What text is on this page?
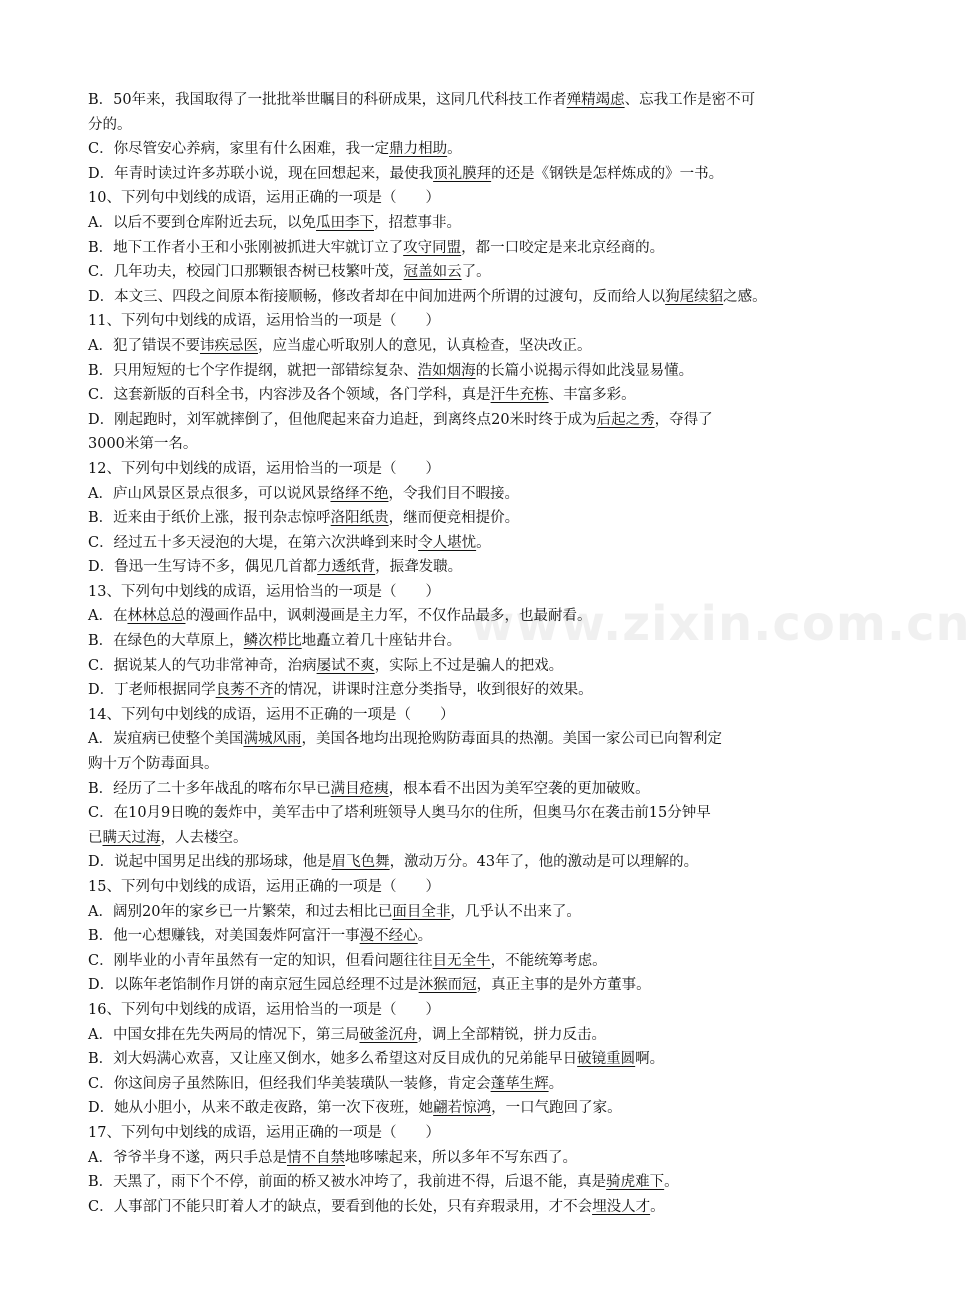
www.zixin.com.cn
B．50年来，我国取得了一批批举世瞩目的科研成果，这同几代科技工作者殚精竭虑、忘我工作是密不可
分的。
C．你尽管安心养病，家里有什么困难，我一定鼎力相助。
D．年青时读过许多苏联小说，现在回想起来，最使我顶礼膜拜的还是《钢铁是怎样炼成的》一书。
10、下列句中划线的成语，运用正确的一项是（　　）
A．以后不要到仓库附近去玩，以免瓜田李下，招惹事非。
B．地下工作者小王和小张刚被抓进大牢就订立了攻守同盟，都一口咬定是来北京经商的。
C．几年功夫，校园门口那颗银杏树已枝繁叶茂，冠盖如云了。
D．本文三、四段之间原本衔接顺畅，修改者却在中间加进两个所谓的过渡句，反而给人以狗尾续貂之感。
11、下列句中划线的成语，运用恰当的一项是（　　）
A．犯了错误不要讳疾忌医，应当虚心听取别人的意见，认真检查，坚决改正。
B．只用短短的七个字作提纲，就把一部错综复杂、浩如烟海的长篇小说揭示得如此浅显易懂。
C．这套新版的百科全书，内容涉及各个领域，各门学科，真是汗牛充栋、丰富多彩。
D．刚起跑时，刘军就摔倒了，但他爬起来奋力追赶，到离终点20米时终于成为后起之秀，夺得了
3000米第一名。
12、下列句中划线的成语，运用恰当的一项是（　　）
A．庐山风景区景点很多，可以说风景络绎不绝，令我们目不暇接。
B．近来由于纸价上涨，报刊杂志惊呼洛阳纸贵，继而便竞相提价。
C．经过五十多天浸泡的大堤，在第六次洪峰到来时令人堪忧。
D．鲁迅一生写诗不多，偶见几首都力透纸背，振聋发聩。
13、下列句中划线的成语，运用恰当的一项是（　　）
A．在林林总总的漫画作品中，讽刺漫画是主力军，不仅作品最多，也最耐看。
B．在绿色的大草原上，鳞次栉比地矗立着几十座钻井台。
C．据说某人的气功非常神奇，治病屡试不爽，实际上不过是骗人的把戏。
D．丁老师根据同学良莠不齐的情况，讲课时注意分类指导，收到很好的效果。
14、下列句中划线的成语，运用不正确的一项是（　　）
A．炭疽病已使整个美国满城风雨，美国各地均出现抢购防毒面具的热潮。美国一家公司已向智利定
购十万个防毒面具。
B．经历了二十多年战乱的喀布尔早已满目疮痍，根本看不出因为美军空袭的更加破败。
C．在10月9日晚的轰炸中，美军击中了塔利班领导人奥马尔的住所，但奥马尔在袭击前15分钟早
已瞒天过海，人去楼空。
D．说起中国男足出线的那场球，他是眉飞色舞，激动万分。43年了，他的激动是可以理解的。
15、下列句中划线的成语，运用正确的一项是（　　）
A．阔别20年的家乡已一片繁荣，和过去相比已面目全非，几乎认不出来了。
B．他一心想赚钱，对美国轰炸阿富汗一事漫不经心。
C．刚毕业的小青年虽然有一定的知识，但看问题往往目无全牛，不能统筹考虑。
D．以陈年老馅制作月饼的南京冠生园总经理不过是沐猴而冠，真正主事的是外方董事。
16、下列句中划线的成语，运用恰当的一项是（　　）
A．中国女排在先失两局的情况下，第三局破釜沉舟，调上全部精锐，拼力反击。
B．刘大妈满心欢喜，又让座又倒水，她多么希望这对反目成仇的兄弟能早日破镜重圆啊。
C．你这间房子虽然陈旧，但经我们华美装璜队一装修，肯定会蓬荜生辉。
D．她从小胆小，从来不敢走夜路，第一次下夜班，她翩若惊鸿，一口气跑回了家。
17、下列句中划线的成语，运用正确的一项是（　　）
A．爷爷半身不遂，两只手总是情不自禁地哆嗦起来，所以多年不写东西了。
B．天黑了，雨下个不停，前面的桥又被水冲垮了，我前进不得，后退不能，真是骑虎难下。
C．人事部门不能只盯着人才的缺点，要看到他的长处，只有弃瑕录用，才不会埋没人才。
